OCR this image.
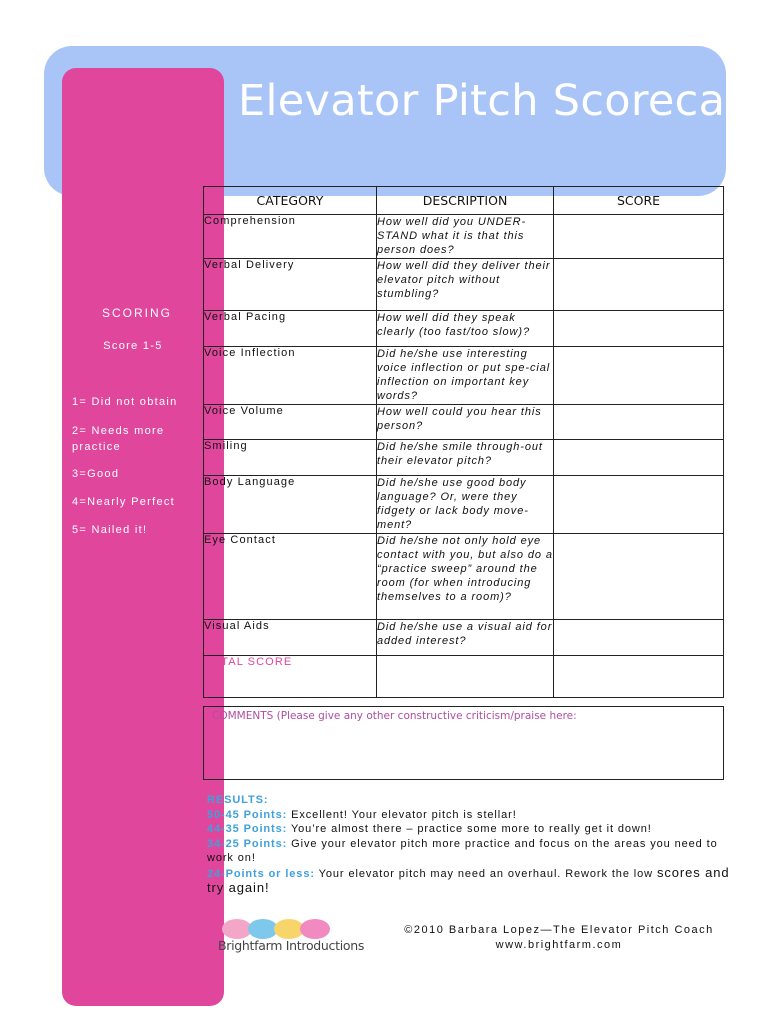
Elevator Pitch Scorecard
SCORING
Score 1-5
1= Did not obtain
2= Needs more practice
3=Good
4=Nearly Perfect
5= Nailed it!
CATEGORY	DESCRIPTION	SCORE
Comprehension	How well did you UNDER-STAND what it is that this person does?	
Verbal Delivery	How well did they deliver their elevator pitch without stumbling?	
Verbal Pacing	How well did they speak clearly (too fast/too slow)?	
Voice Inflection	Did he/she use interesting voice inflection or put spe-cial inflection on important key words?	
Voice Volume	How well could you hear this person?	
Smiling	Did he/she smile through-out their elevator pitch?	
Body Language	Did he/she use good body language? Or, were they fidgety or lack body move-ment?	
Eye Contact	Did he/she not only hold eye contact with you, but also do a “practice sweep” around the room (for when introducing themselves to a room)?	
Visual Aids	Did he/she use a visual aid for added interest?	
TOTAL SCORE		
COMMENTS (Please give any other constructive criticism/praise here:
RESULTS:
50-45 Points: Excellent! Your elevator pitch is stellar!
44-35 Points: You’re almost there – practice some more to really get it down!
34-25 Points: Give your elevator pitch more practice and focus on the areas you need to work on!
24-Points or less: Your elevator pitch may need an overhaul. Rework the low scores and
try again!
Brightfarm Introductions
©2010 Barbara Lopez—The Elevator Pitch Coach
www.brightfarm.com
